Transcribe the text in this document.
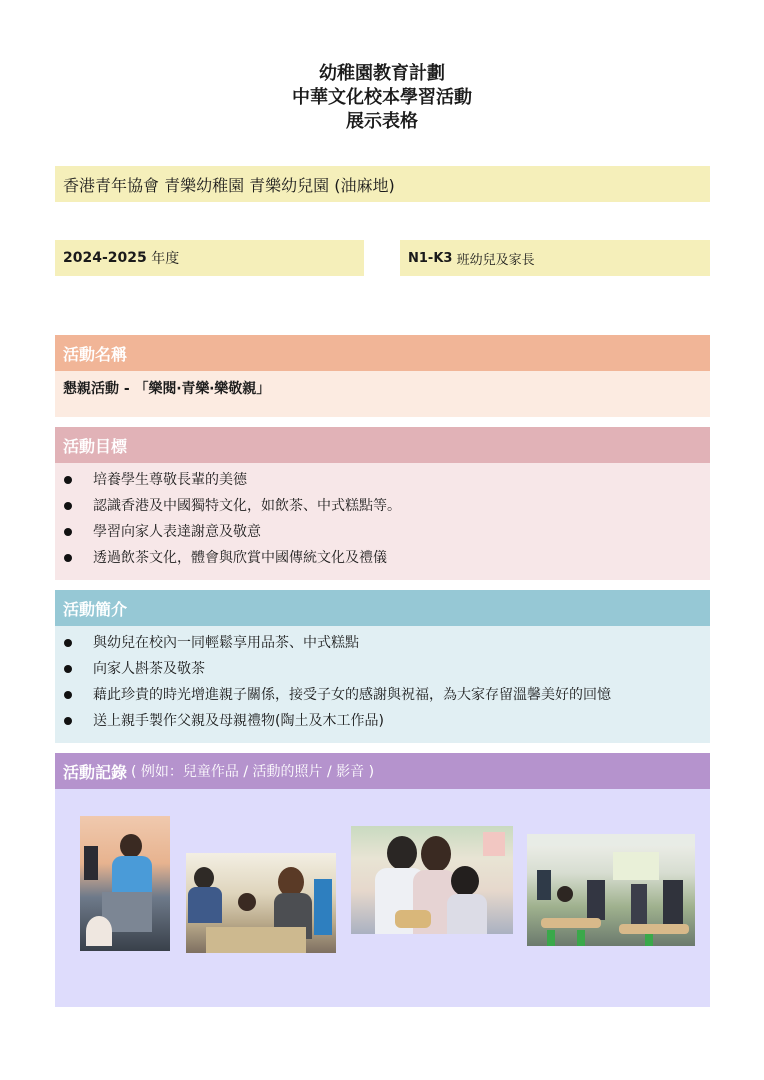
幼稚園教育計劃
中華文化校本學習活動
展示表格
香港青年協會 青樂幼稚園 青樂幼兒園 (油麻地)
2024-2025 年度	N1-K3 班幼兒及家長
活動名稱
懇親活動 - 「樂閱‧青樂‧樂敬親」
活動目標
培養學生尊敬長輩的美德
認識香港及中國獨特文化，如飲茶、中式糕點等。
學習向家人表達謝意及敬意
透過飲茶文化，體會與欣賞中國傳統文化及禮儀
活動簡介
與幼兒在校內一同輕鬆享用品茶、中式糕點
向家人斟茶及敬茶
藉此珍貴的時光增進親子關係，接受子女的感謝與祝福，為大家存留溫馨美好的回憶
送上親手製作父親及母親禮物(陶土及木工作品)
活動記錄 ( 例如：兒童作品 / 活動的照片 / 影音 )
